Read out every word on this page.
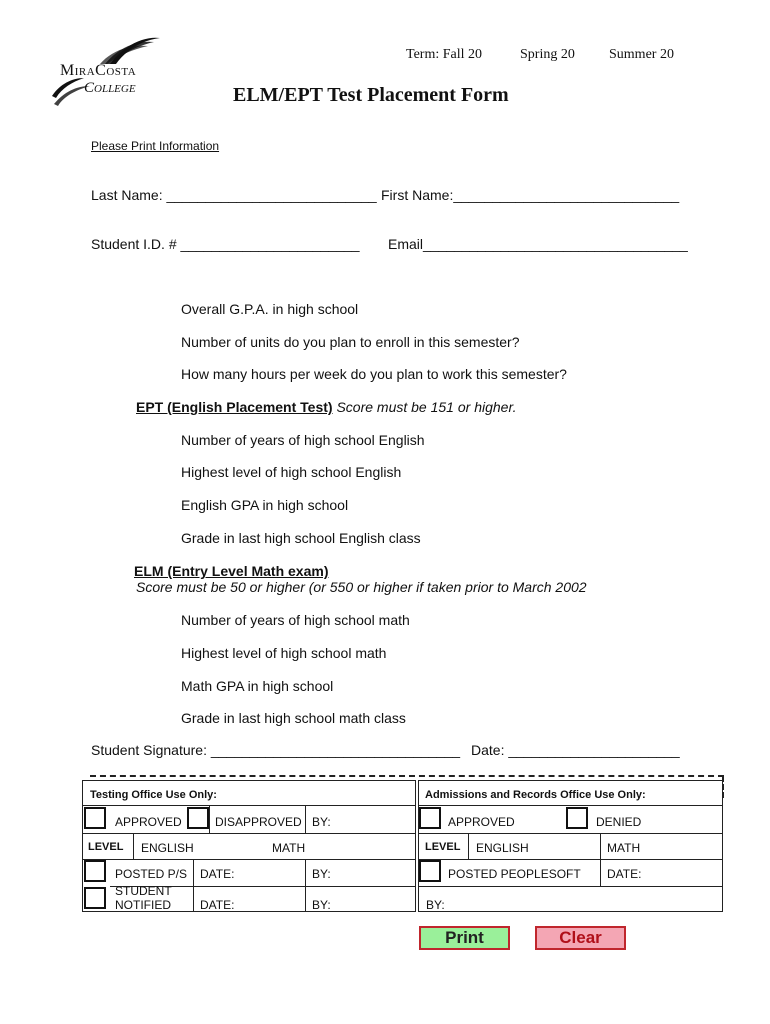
MiraCosta
College
Term: Fall 20	Spring 20 Summer 20
ELM/EPT Test Placement Form
Please Print Information
Last Name: ___________________________ First Name:_____________________________
Student I.D. # _______________________ Email__________________________________
Overall G.P.A. in high school
Number of units do you plan to enroll in this semester?
How many hours per week do you plan to work this semester?
EPT (English Placement Test) Score must be 151 or higher.
Number of years of high school English
Highest level of high school English
English GPA in high school
Grade in last high school English class
ELM (Entry Level Math exam)
Score must be 50 or higher (or 550 or higher if taken prior to March 2002
Number of years of high school math
Highest level of high school math
Math GPA in high school
Grade in last high school math class
Student Signature: ________________________________ Date: ______________________
Testing Office Use Only:
APPROVED	DISAPPROVED BY:
LEVEL ENGLISH	MATH
POSTED P/S DATE:	BY:
STUDENT
NOTIFIED DATE:	BY:
Admissions and Records Office Use Only:
APPROVED	DENIED
LEVEL ENGLISH	MATH
POSTED PEOPLESOFT DATE:
BY:
Print	Clear
